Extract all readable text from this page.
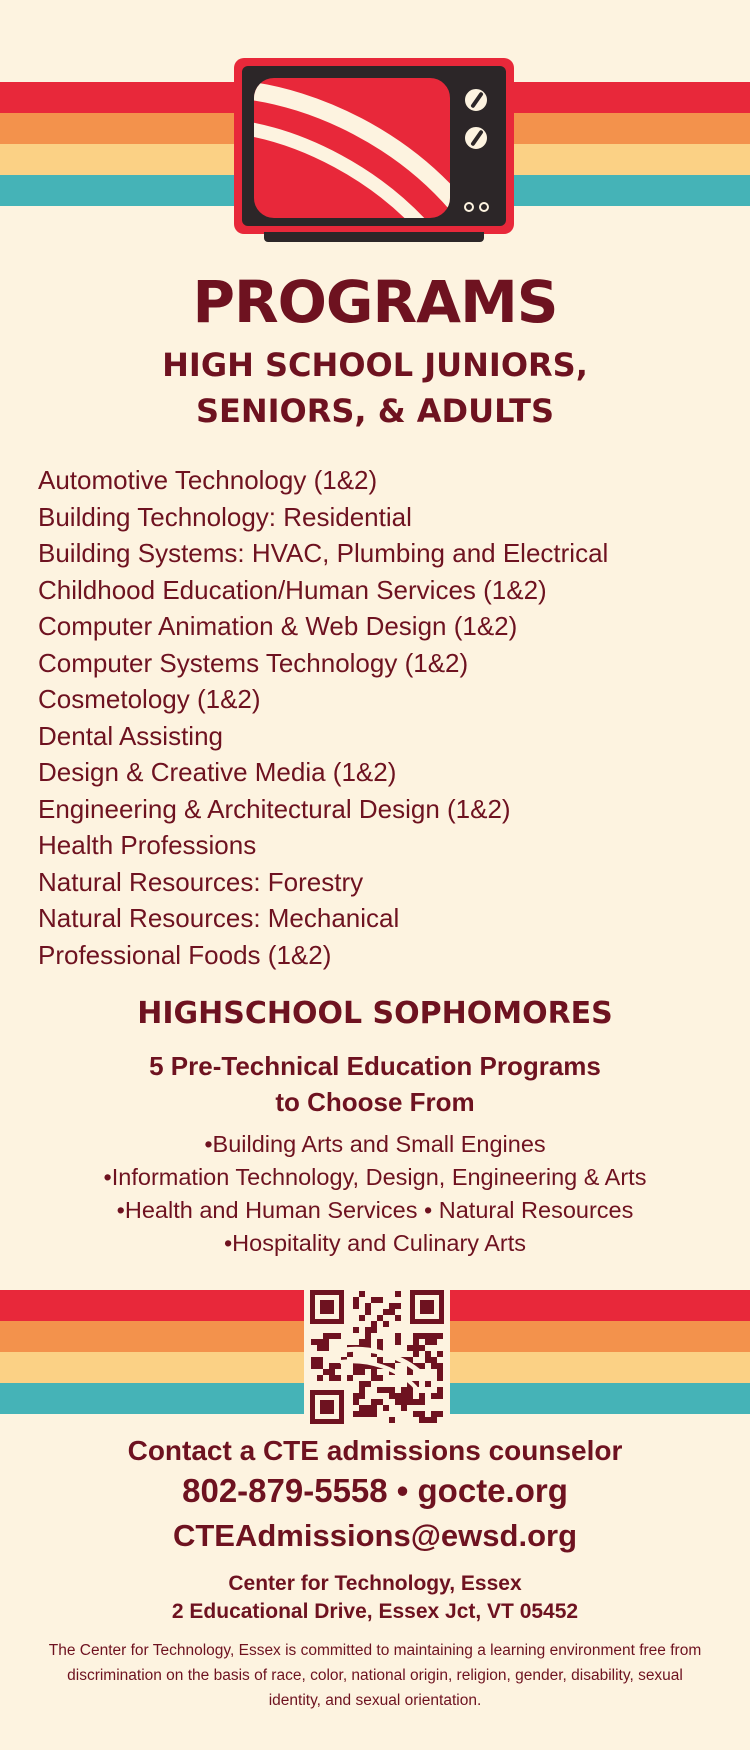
PROGRAMS
HIGH SCHOOL JUNIORS,
SENIORS, & ADULTS
Automotive Technology (1&2)
Building Technology: Residential
Building Systems: HVAC, Plumbing and Electrical
Childhood Education/Human Services (1&2)
Computer Animation & Web Design (1&2)
Computer Systems Technology (1&2)
Cosmetology (1&2)
Dental Assisting
Design & Creative Media (1&2)
Engineering & Architectural Design (1&2)
Health Professions
Natural Resources: Forestry
Natural Resources: Mechanical
Professional Foods (1&2)
HIGHSCHOOL SOPHOMORES
5 Pre-Technical Education Programs
to Choose From
•Building Arts and Small Engines
•Information Technology, Design, Engineering & Arts
•Health and Human Services • Natural Resources
•Hospitality and Culinary Arts
Contact a CTE admissions counselor
802-879-5558 • gocte.org
CTEAdmissions@ewsd.org
Center for Technology, Essex
2 Educational Drive, Essex Jct, VT 05452
The Center for Technology, Essex is committed to maintaining a learning environment free from discrimination on the basis of race, color, national origin, religion, gender, disability, sexual identity, and sexual orientation.
